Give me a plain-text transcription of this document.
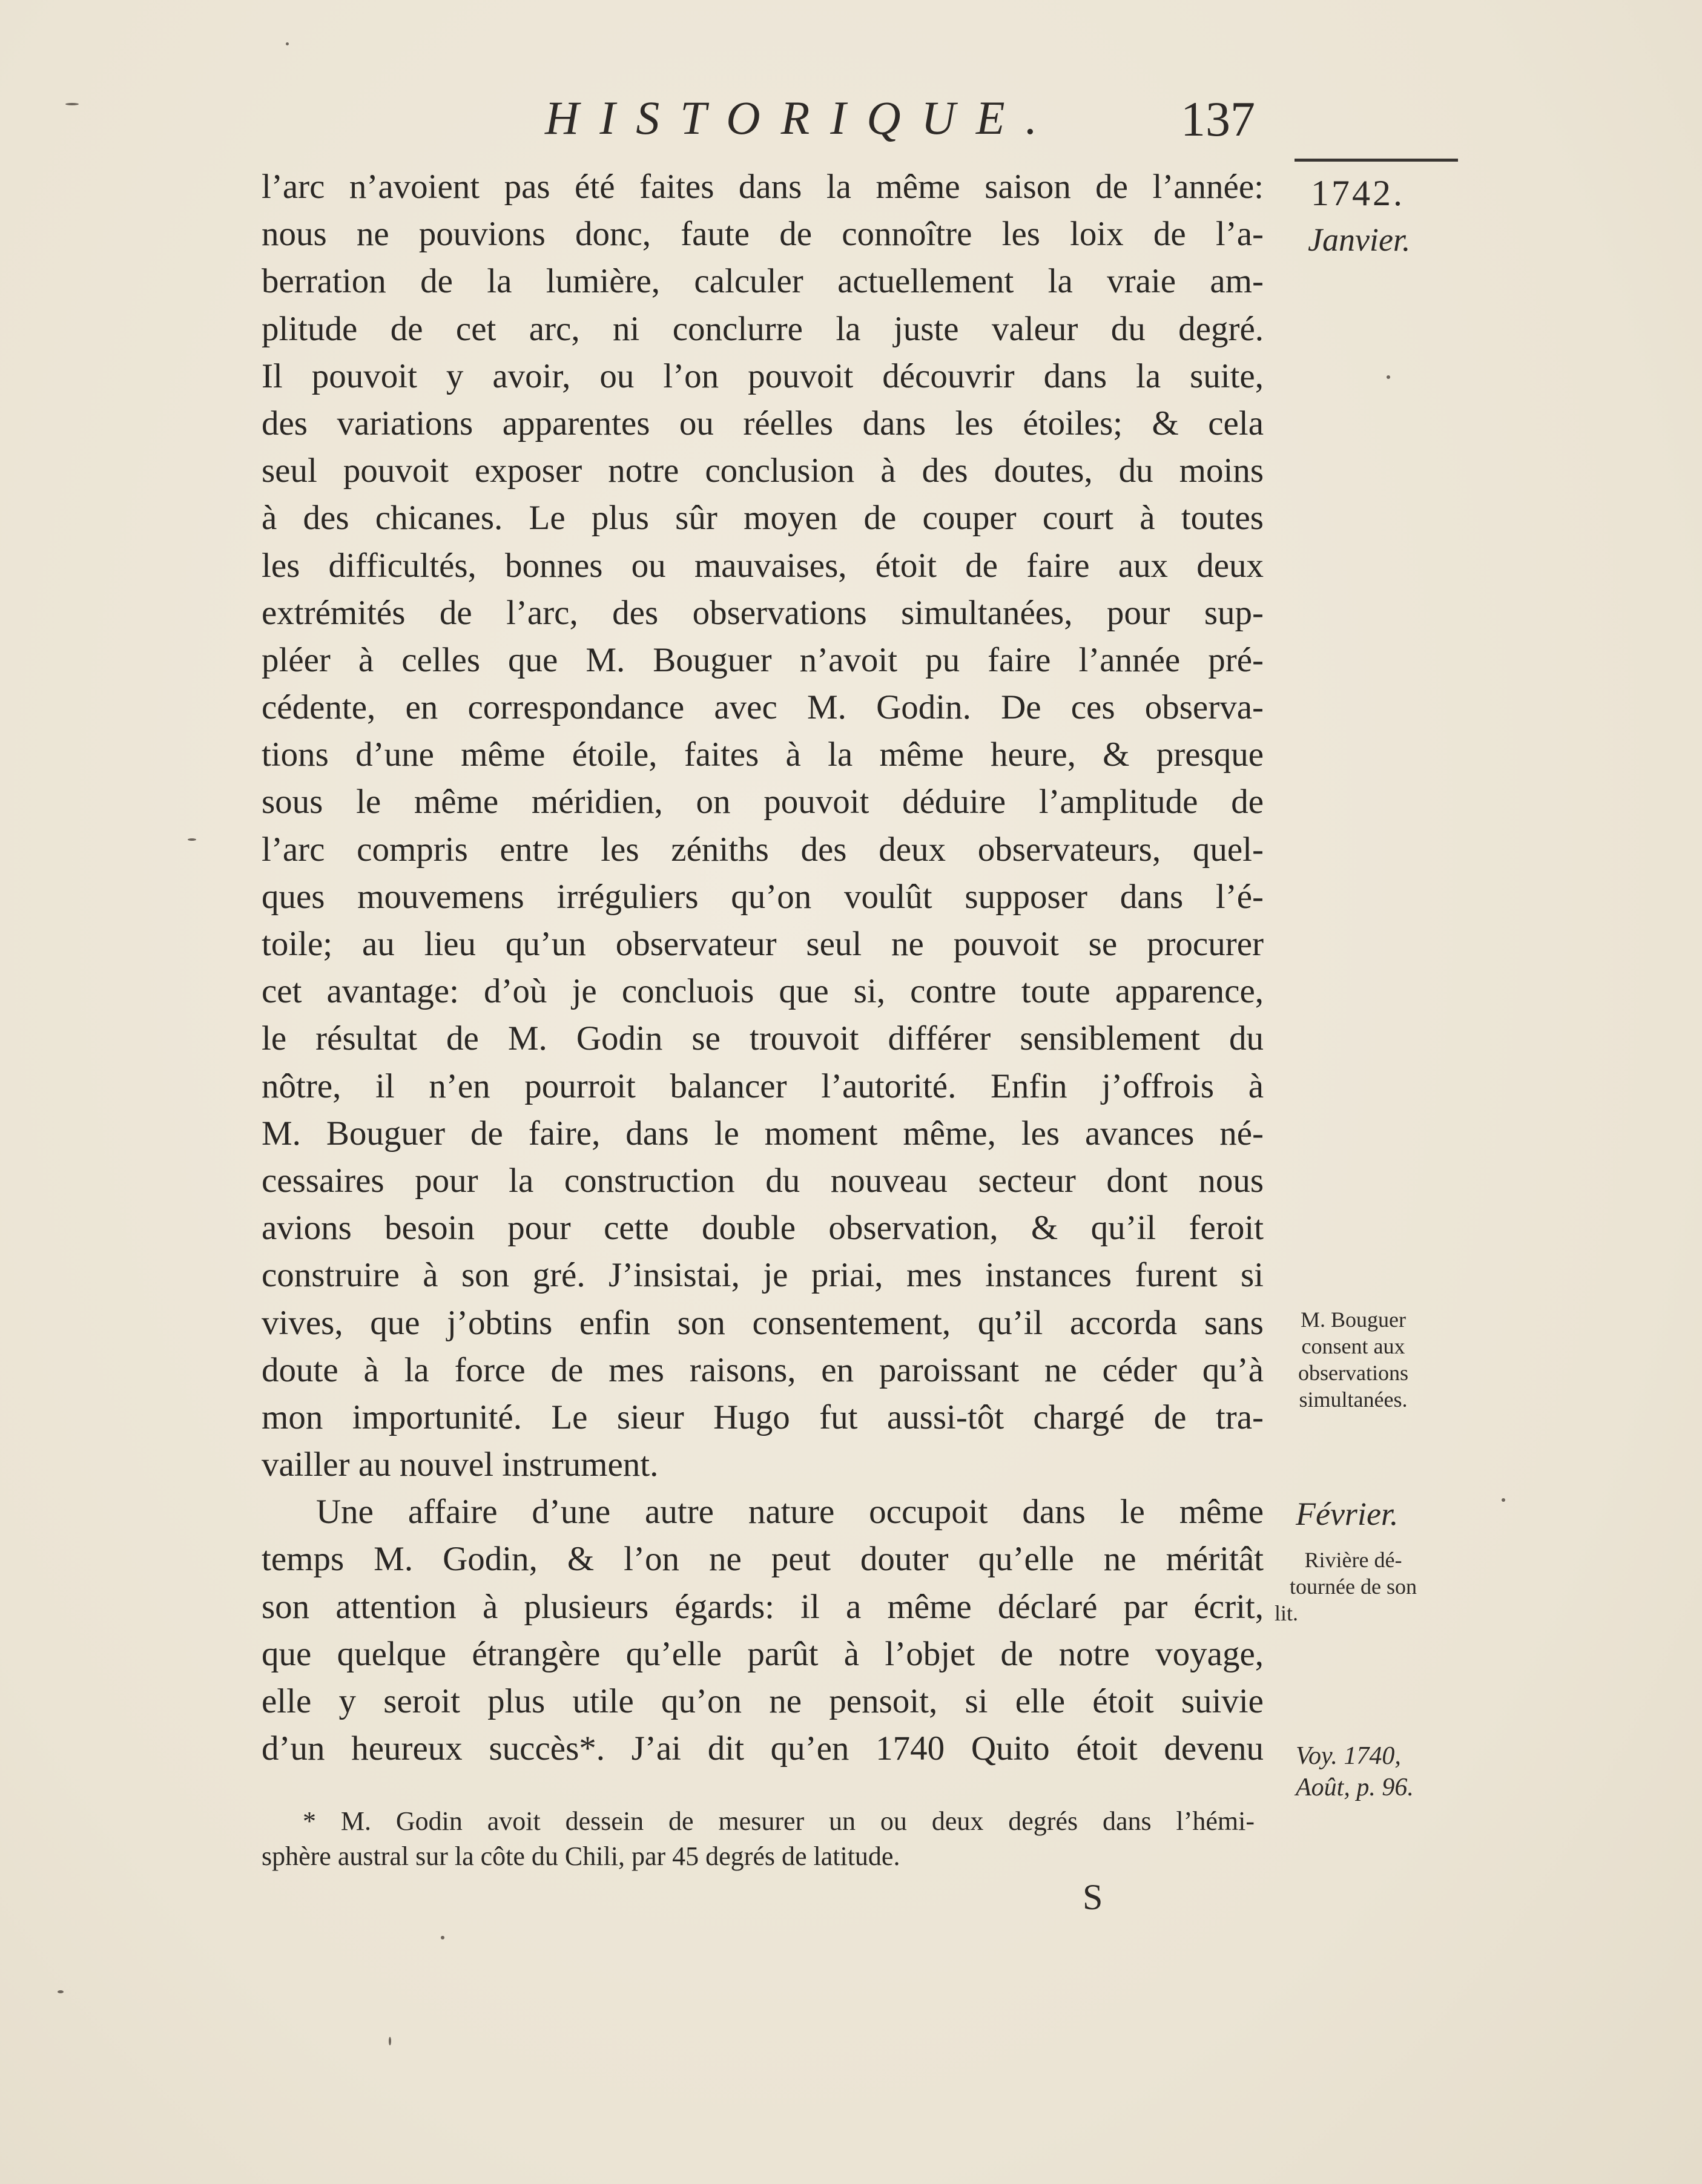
HISTORIQUE. 137
l’arc n’avoient pas été faites dans la même saison de l’année:
nous ne pouvions donc, faute de connoître les loix de l’a-
berration de la lumière, calculer actuellement la vraie am-
plitude de cet arc, ni conclurre la juste valeur du degré.
Il pouvoit y avoir, ou l’on pouvoit découvrir dans la suite,
des variations apparentes ou réelles dans les étoiles; & cela
seul pouvoit exposer notre conclusion à des doutes, du moins
à des chicanes. Le plus sûr moyen de couper court à toutes
les difficultés, bonnes ou mauvaises, étoit de faire aux deux
extrémités de l’arc, des observations simultanées, pour sup-
pléer à celles que M. Bouguer n’avoit pu faire l’année pré-
cédente, en correspondance avec M. Godin. De ces observa-
tions d’une même étoile, faites à la même heure, & presque
sous le même méridien, on pouvoit déduire l’amplitude de
l’arc compris entre les zéniths des deux observateurs, quel-
ques mouvemens irréguliers qu’on voulût supposer dans l’é-
toile; au lieu qu’un observateur seul ne pouvoit se procurer
cet avantage: d’où je concluois que si, contre toute apparence,
le résultat de M. Godin se trouvoit différer sensiblement du
nôtre, il n’en pourroit balancer l’autorité. Enfin j’offrois à
M. Bouguer de faire, dans le moment même, les avances né-
cessaires pour la construction du nouveau secteur dont nous
avions besoin pour cette double observation, & qu’il feroit
construire à son gré. J’insistai, je priai, mes instances furent si
vives, que j’obtins enfin son consentement, qu’il accorda sans
doute à la force de mes raisons, en paroissant ne céder qu’à
mon importunité. Le sieur Hugo fut aussi-tôt chargé de tra-
vailler au nouvel instrument.
Une affaire d’une autre nature occupoit dans le même
temps M. Godin, & l’on ne peut douter qu’elle ne méritât
son attention à plusieurs égards: il a même déclaré par écrit,
que quelque étrangère qu’elle parût à l’objet de notre voyage,
elle y seroit plus utile qu’on ne pensoit, si elle étoit suivie
d’un heureux succès*. J’ai dit qu’en 1740 Quito étoit devenu
* M. Godin avoit dessein de mesurer un ou deux degrés dans l’hémi-
sphère austral sur la côte du Chili, par 45 degrés de latitude.
S
1742.
Janvier.
M. Bouguer
consent aux
observations
simultanées.
Février.
Rivière dé-
tournée de son
lit.
Voy. 1740,
Août, p. 96.
